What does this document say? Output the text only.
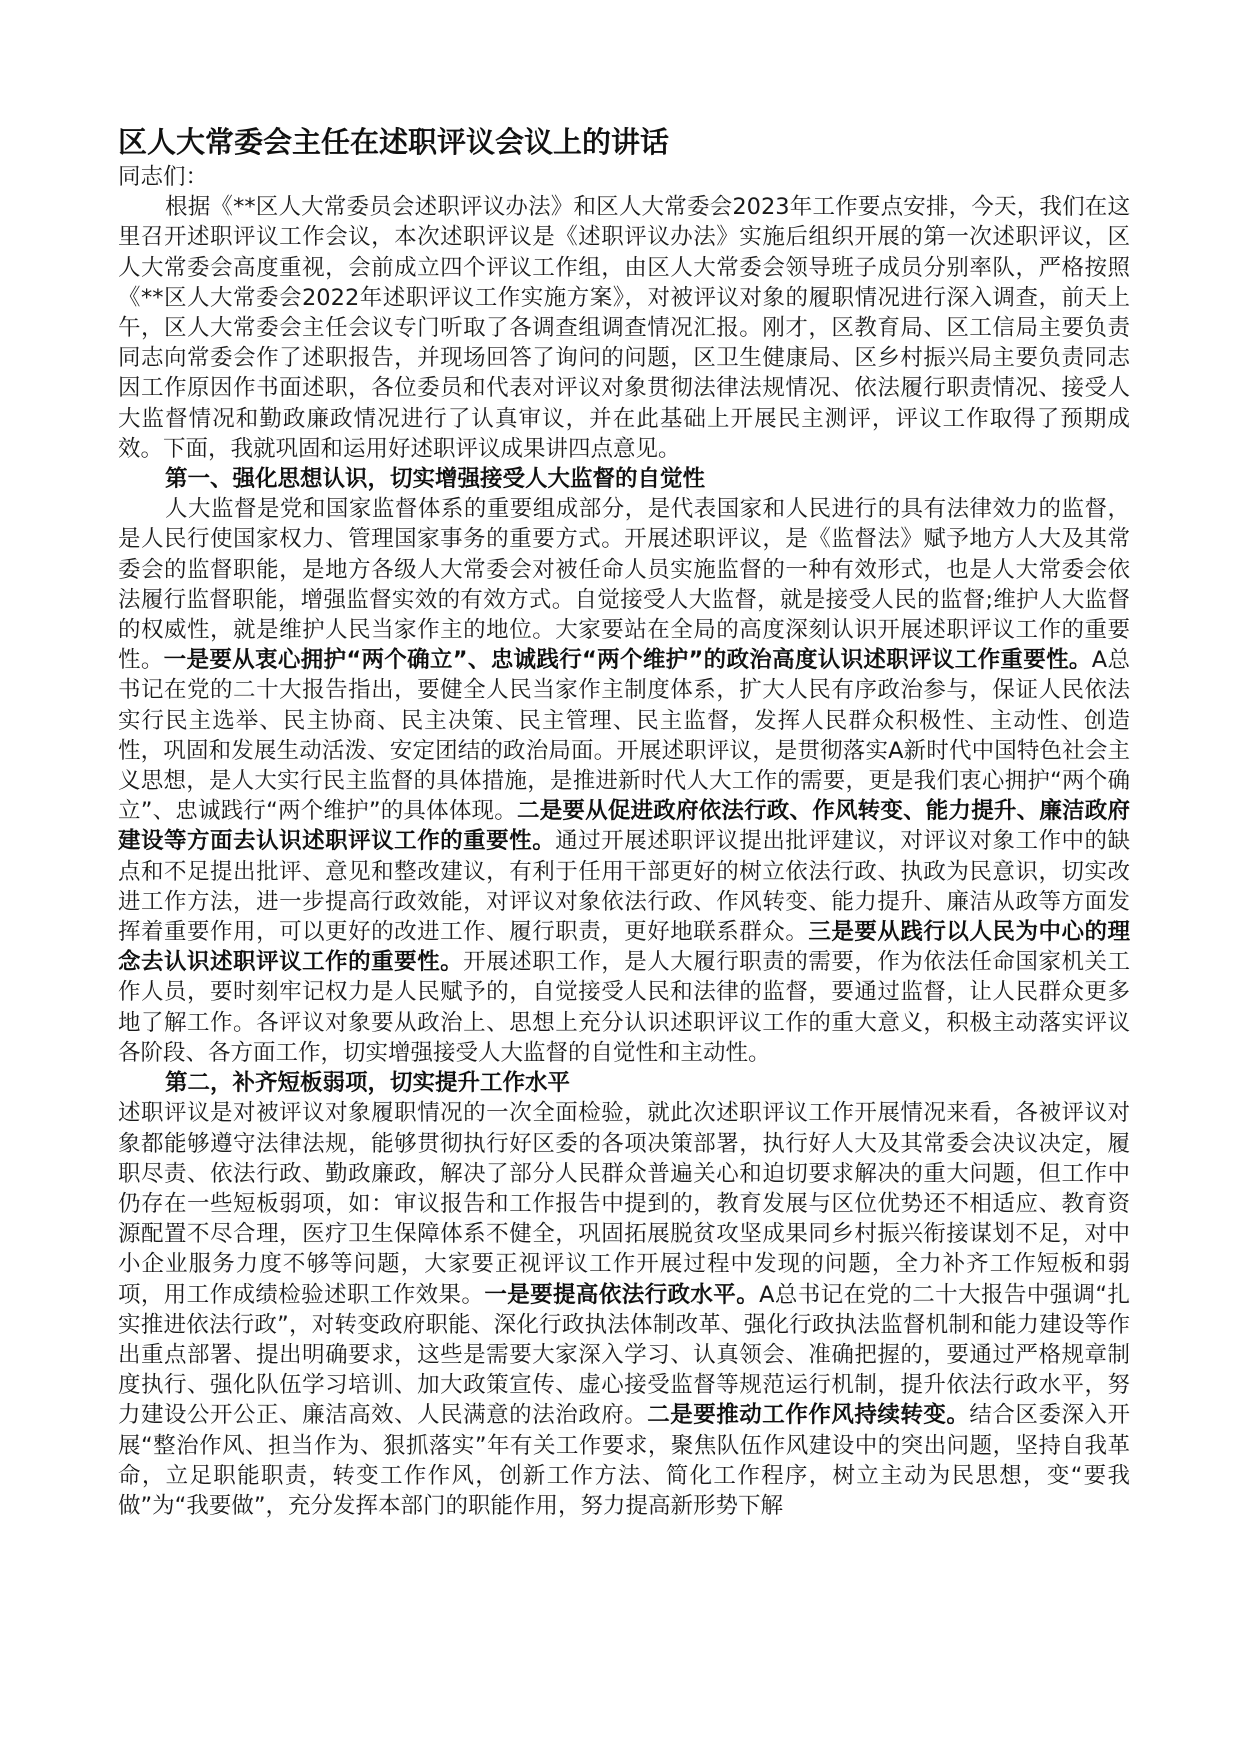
区人大常委会主任在述职评议会议上的讲话

同志们：

根据《**区人大常委员会述职评议办法》和区人大常委会2023年工作要点安排，今天，我们在这里召开述职评议工作会议，本次述职评议是《述职评议办法》实施后组织开展的第一次述职评议，区人大常委会高度重视，会前成立四个评议工作组，由区人大常委会领导班子成员分别率队，严格按照《**区人大常委会2022年述职评议工作实施方案》，对被评议对象的履职情况进行深入调查，前天上午，区人大常委会主任会议专门听取了各调查组调查情况汇报。刚才，区教育局、区工信局主要负责同志向常委会作了述职报告，并现场回答了询问的问题，区卫生健康局、区乡村振兴局主要负责同志因工作原因作书面述职，各位委员和代表对评议对象贯彻法律法规情况、依法履行职责情况、接受人大监督情况和勤政廉政情况进行了认真审议，并在此基础上开展民主测评，评议工作取得了预期成效。下面，我就巩固和运用好述职评议成果讲四点意见。

第一、强化思想认识，切实增强接受人大监督的自觉性

人大监督是党和国家监督体系的重要组成部分，是代表国家和人民进行的具有法律效力的监督，是人民行使国家权力、管理国家事务的重要方式。开展述职评议，是《监督法》赋予地方人大及其常委会的监督职能，是地方各级人大常委会对被任命人员实施监督的一种有效形式，也是人大常委会依法履行监督职能，增强监督实效的有效方式。自觉接受人大监督，就是接受人民的监督;维护人大监督的权威性，就是维护人民当家作主的地位。大家要站在全局的高度深刻认识开展述职评议工作的重要性。一是要从衷心拥护“两个确立”、忠诚践行“两个维护”的政治高度认识述职评议工作重要性。A总书记在党的二十大报告指出，要健全人民当家作主制度体系，扩大人民有序政治参与，保证人民依法实行民主选举、民主协商、民主决策、民主管理、民主监督，发挥人民群众积极性、主动性、创造性，巩固和发展生动活泼、安定团结的政治局面。开展述职评议，是贯彻落实A新时代中国特色社会主义思想，是人大实行民主监督的具体措施，是推进新时代人大工作的需要，更是我们衷心拥护“两个确立”、忠诚践行“两个维护”的具体体现。二是要从促进政府依法行政、作风转变、能力提升、廉洁政府建设等方面去认识述职评议工作的重要性。通过开展述职评议提出批评建议，对评议对象工作中的缺点和不足提出批评、意见和整改建议，有利于任用干部更好的树立依法行政、执政为民意识，切实改进工作方法，进一步提高行政效能，对评议对象依法行政、作风转变、能力提升、廉洁从政等方面发挥着重要作用，可以更好的改进工作、履行职责，更好地联系群众。三是要从践行以人民为中心的理念去认识述职评议工作的重要性。开展述职工作，是人大履行职责的需要，作为依法任命国家机关工作人员，要时刻牢记权力是人民赋予的，自觉接受人民和法律的监督，要通过监督，让人民群众更多地了解工作。各评议对象要从政治上、思想上充分认识述职评议工作的重大意义，积极主动落实评议各阶段、各方面工作，切实增强接受人大监督的自觉性和主动性。

第二，补齐短板弱项，切实提升工作水平

述职评议是对被评议对象履职情况的一次全面检验，就此次述职评议工作开展情况来看，各被评议对象都能够遵守法律法规，能够贯彻执行好区委的各项决策部署，执行好人大及其常委会决议决定，履职尽责、依法行政、勤政廉政，解决了部分人民群众普遍关心和迫切要求解决的重大问题，但工作中仍存在一些短板弱项，如：审议报告和工作报告中提到的，教育发展与区位优势还不相适应、教育资源配置不尽合理，医疗卫生保障体系不健全，巩固拓展脱贫攻坚成果同乡村振兴衔接谋划不足，对中小企业服务力度不够等问题，大家要正视评议工作开展过程中发现的问题，全力补齐工作短板和弱项，用工作成绩检验述职工作效果。一是要提高依法行政水平。A总书记在党的二十大报告中强调“扎实推进依法行政”，对转变政府职能、深化行政执法体制改革、强化行政执法监督机制和能力建设等作出重点部署、提出明确要求，这些是需要大家深入学习、认真领会、准确把握的，要通过严格规章制度执行、强化队伍学习培训、加大政策宣传、虚心接受监督等规范运行机制，提升依法行政水平，努力建设公开公正、廉洁高效、人民满意的法治政府。二是要推动工作作风持续转变。结合区委深入开展“整治作风、担当作为、狠抓落实”年有关工作要求，聚焦队伍作风建设中的突出问题，坚持自我革命，立足职能职责，转变工作作风，创新工作方法、简化工作程序，树立主动为民思想，变“要我做”为“我要做”，充分发挥本部门的职能作用，努力提高新形势下解
